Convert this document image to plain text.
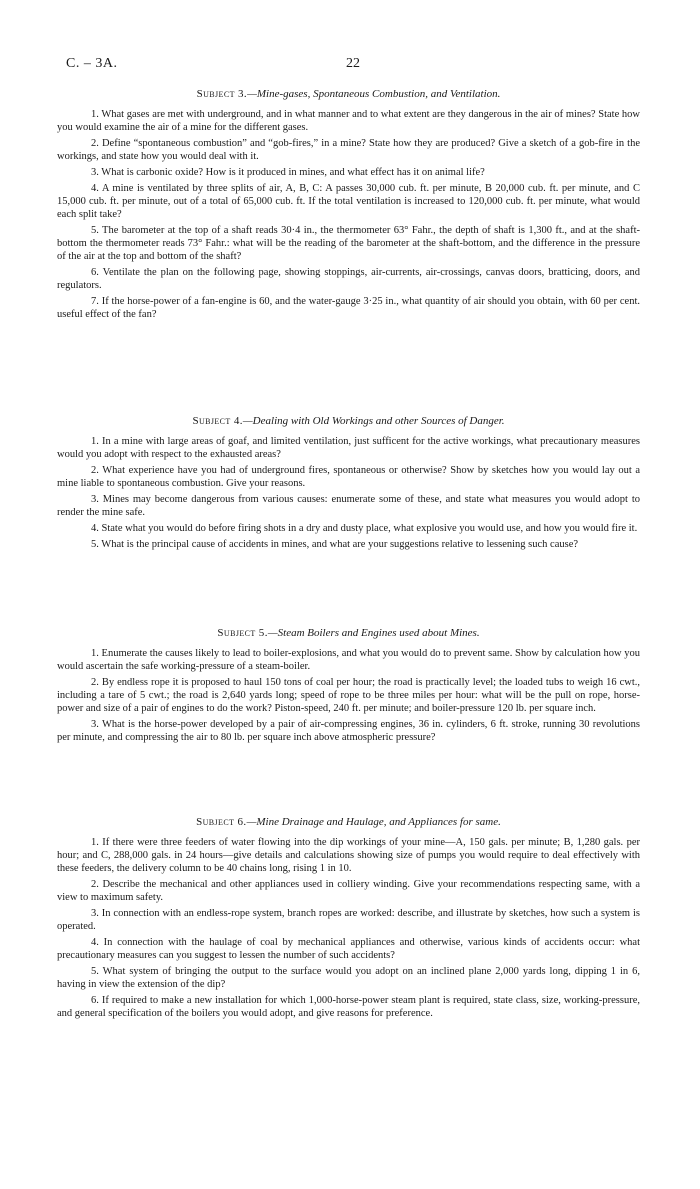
C. – 3A.	22
Subject 3.—Mine-gases, Spontaneous Combustion, and Ventilation.

1. What gases are met with underground, and in what manner and to what extent are they dangerous in the air of mines? State how you would examine the air of a mine for the different gases.

2. Define “spontaneous combustion” and “gob-fires,” in a mine? State how they are produced? Give a sketch of a gob-fire in the workings, and state how you would deal with it.

3. What is carbonic oxide? How is it produced in mines, and what effect has it on animal life?

4. A mine is ventilated by three splits of air, A, B, C: A passes 30,000 cub. ft. per minute, B 20,000 cub. ft. per minute, and C 15,000 cub. ft. per minute, out of a total of 65,000 cub. ft. If the total ventilation is increased to 120,000 cub. ft. per minute, what would each split take?

5. The barometer at the top of a shaft reads 30·4 in., the thermometer 63° Fahr., the depth of shaft is 1,300 ft., and at the shaft-bottom the thermometer reads 73° Fahr.: what will be the reading of the barometer at the shaft-bottom, and the difference in the pressure of the air at the top and bottom of the shaft?

6. Ventilate the plan on the following page, showing stoppings, air-currents, air-crossings, canvas doors, bratticing, doors, and regulators.

7. If the horse-power of a fan-engine is 60, and the water-gauge 3·25 in., what quantity of air should you obtain, with 60 per cent. useful effect of the fan?

Subject 4.—Dealing with Old Workings and other Sources of Danger.

1. In a mine with large areas of goaf, and limited ventilation, just sufficent for the active workings, what precautionary measures would you adopt with respect to the exhausted areas?

2. What experience have you had of underground fires, spontaneous or otherwise? Show by sketches how you would lay out a mine liable to spontaneous combustion. Give your reasons.

3. Mines may become dangerous from various causes: enumerate some of these, and state what measures you would adopt to render the mine safe.

4. State what you would do before firing shots in a dry and dusty place, what explosive you would use, and how you would fire it.

5. What is the principal cause of accidents in mines, and what are your suggestions relative to lessening such cause?

Subject 5.—Steam Boilers and Engines used about Mines.

1. Enumerate the causes likely to lead to boiler-explosions, and what you would do to prevent same. Show by calculation how you would ascertain the safe working-pressure of a steam-boiler.

2. By endless rope it is proposed to haul 150 tons of coal per hour; the road is practically level; the loaded tubs to weigh 16 cwt., including a tare of 5 cwt.; the road is 2,640 yards long; speed of rope to be three miles per hour: what will be the pull on rope, horse-power and size of a pair of engines to do the work? Piston-speed, 240 ft. per minute; and boiler-pressure 120 lb. per square inch.

3. What is the horse-power developed by a pair of air-compressing engines, 36 in. cylinders, 6 ft. stroke, running 30 revolutions per minute, and compressing the air to 80 lb. per square inch above atmospheric pressure?

Subject 6.—Mine Drainage and Haulage, and Appliances for same.

1. If there were three feeders of water flowing into the dip workings of your mine—A, 150 gals. per minute; B, 1,280 gals. per hour; and C, 288,000 gals. in 24 hours—give details and calculations showing size of pumps you would require to deal effectively with these feeders, the delivery column to be 40 chains long, rising 1 in 10.

2. Describe the mechanical and other appliances used in colliery winding. Give your recommendations respecting same, with a view to maximum safety.

3. In connection with an endless-rope system, branch ropes are worked: describe, and illustrate by sketches, how such a system is operated.

4. In connection with the haulage of coal by mechanical appliances and otherwise, various kinds of accidents occur: what precautionary measures can you suggest to lessen the number of such accidents?

5. What system of bringing the output to the surface would you adopt on an inclined plane 2,000 yards long, dipping 1 in 6, having in view the extension of the dip?

6. If required to make a new installation for which 1,000-horse-power steam plant is required, state class, size, working-pressure, and general specification of the boilers you would adopt, and give reasons for preference.
